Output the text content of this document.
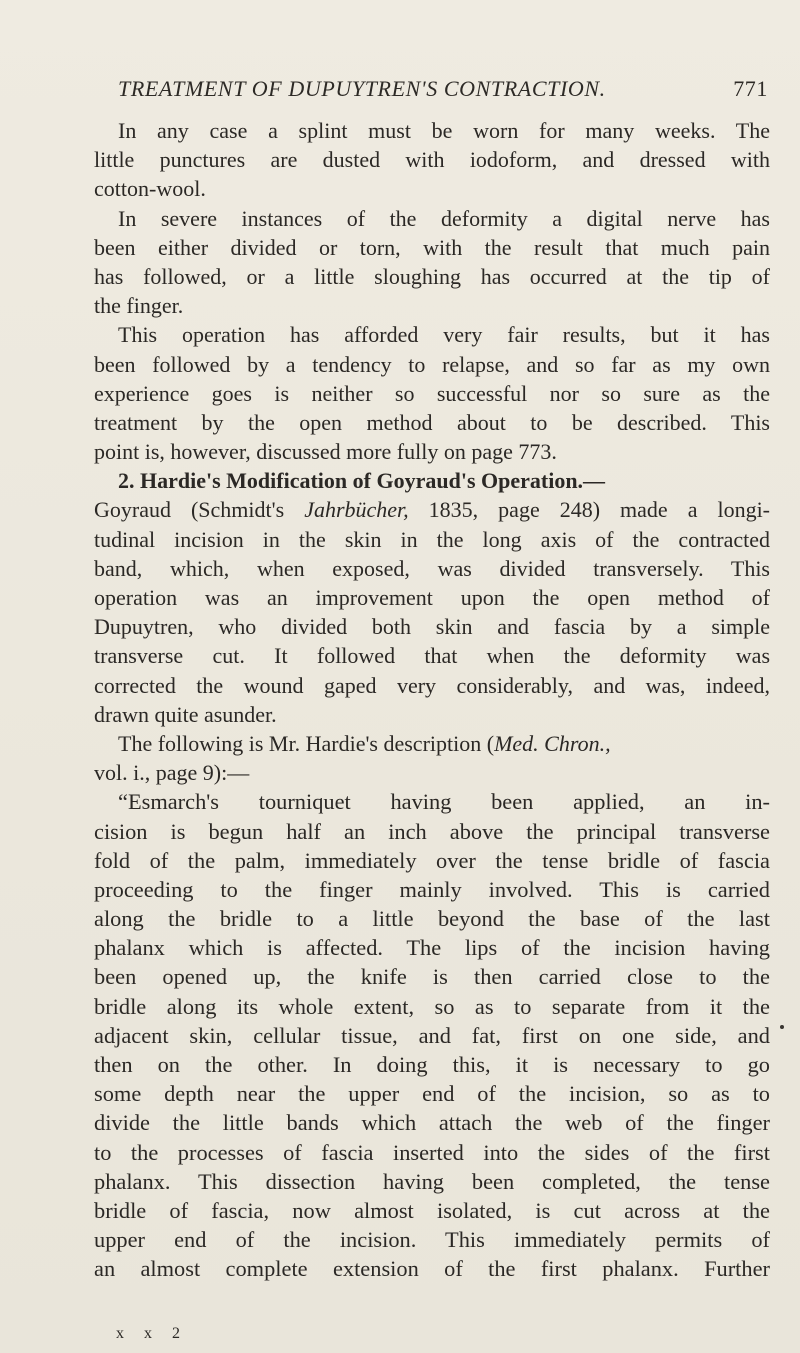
TREATMENT OF DUPUYTREN'S CONTRACTION.	771
In any case a splint must be worn for many weeks. The
little punctures are dusted with iodoform, and dressed with
cotton-wool.
In severe instances of the deformity a digital nerve has
been either divided or torn, with the result that much pain
has followed, or a little sloughing has occurred at the tip of
the finger.
This operation has afforded very fair results, but it has
been followed by a tendency to relapse, and so far as my own
experience goes is neither so successful nor so sure as the
treatment by the open method about to be described. This
point is, however, discussed more fully on page 773.
2. Hardie's Modification of Goyraud's Operation.—
Goyraud (Schmidt's Jahrbücher, 1835, page 248) made a longi-
tudinal incision in the skin in the long axis of the contracted
band, which, when exposed, was divided transversely. This
operation was an improvement upon the open method of
Dupuytren, who divided both skin and fascia by a simple
transverse cut. It followed that when the deformity was
corrected the wound gaped very considerably, and was, indeed,
drawn quite asunder.
The following is Mr. Hardie's description (Med. Chron.,
vol. i., page 9):—
“Esmarch's tourniquet having been applied, an in-
cision is begun half an inch above the principal transverse
fold of the palm, immediately over the tense bridle of fascia
proceeding to the finger mainly involved. This is carried
along the bridle to a little beyond the base of the last
phalanx which is affected. The lips of the incision having
been opened up, the knife is then carried close to the
bridle along its whole extent, so as to separate from it the
adjacent skin, cellular tissue, and fat, first on one side, and
then on the other. In doing this, it is necessary to go
some depth near the upper end of the incision, so as to
divide the little bands which attach the web of the finger
to the processes of fascia inserted into the sides of the first
phalanx. This dissection having been completed, the tense
bridle of fascia, now almost isolated, is cut across at the
upper end of the incision. This immediately permits of
an almost complete extension of the first phalanx. Further
x x 2
